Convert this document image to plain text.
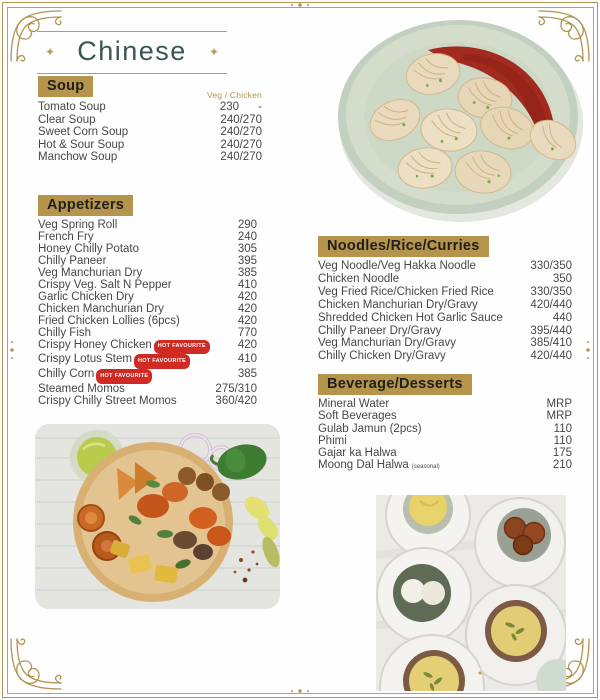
✦ Chinese ✦
Soup
Veg / Chicken
Appetizers
Noodles/Rice/Curries
Beverage/Desserts
Tomato Soup	230      -
Clear Soup	240/270
Sweet Corn Soup	240/270
Hot & Sour Soup	240/270
Manchow Soup	240/270
Veg Spring Roll	290
French Fry	240
Honey Chilly Potato	305
Chilly Paneer	395
Veg Manchurian Dry	385
Crispy Veg. Salt N Pepper	410
Garlic Chicken Dry	420
Chicken Manchurian Dry	420
Fried Chicken Lollies (6pcs)	420
Chilly Fish	770
Crispy Honey Chicken	HOT FAVOURITE	420
Crispy Lotus Stem	HOT FAVOURITE	410
Chilly Corn	HOT FAVOURITE	385
Steamed Momos	275/310
Crispy Chilly Street Momos	360/420
Veg Noodle/Veg Hakka Noodle	330/350
Chicken Noodle	350
Veg Fried Rice/Chicken Fried Rice	330/350
Chicken Manchurian Dry/Gravy	420/440
Shredded Chicken Hot Garlic Sauce	440
Chilly Paneer Dry/Gravy	395/440
Veg Manchurian Dry/Gravy	385/410
Chilly Chicken Dry/Gravy	420/440
Mineral Water	MRP
Soft Beverages	MRP
Gulab Jamun (2pcs)	110
Phimi	110
Gajar ka Halwa	175
Moong Dal Halwa (seasonal)	210
